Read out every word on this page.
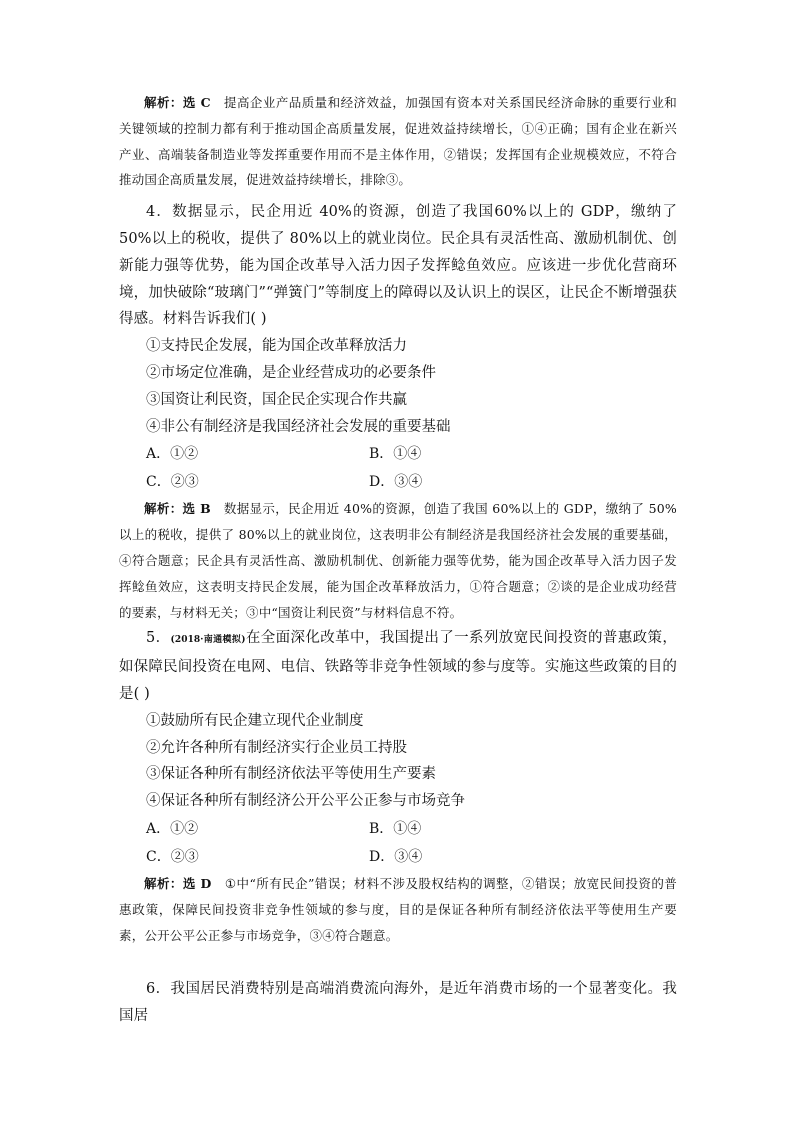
解析：选 C 提高企业产品质量和经济效益，加强国有资本对关系国民经济命脉的重要行业和关键领域的控制力都有利于推动国企高质量发展，促进效益持续增长，①④正确；国有企业在新兴产业、高端装备制造业等发挥重要作用而不是主体作用，②错误；发挥国有企业规模效应，不符合推动国企高质量发展，促进效益持续增长，排除③。

4．数据显示，民企用近 40%的资源，创造了我国60%以上的 GDP，缴纳了 50%以上的税收，提供了 80%以上的就业岗位。民企具有灵活性高、激励机制优、创新能力强等优势，能为国企改革导入活力因子发挥鲶鱼效应。应该进一步优化营商环境，加快破除“玻璃门”“弹簧门”等制度上的障碍以及认识上的误区，让民企不断增强获得感。材料告诉我们( )

①支持民企发展，能为国企改革释放活力
②市场定位准确，是企业经营成功的必要条件
③国资让利民资，国企民企实现合作共赢
④非公有制经济是我国经济社会发展的重要基础
A．①②	B．①④
C．②③	D．③④

解析：选 B 数据显示，民企用近 40%的资源，创造了我国 60%以上的 GDP，缴纳了 50%以上的税收，提供了 80%以上的就业岗位，这表明非公有制经济是我国经济社会发展的重要基础，④符合题意；民企具有灵活性高、激励机制优、创新能力强等优势，能为国企改革导入活力因子发挥鲶鱼效应，这表明支持民企发展，能为国企改革释放活力，①符合题意；②谈的是企业成功经营的要素，与材料无关；③中“国资让利民资”与材料信息不符。

5．(2018·南通模拟)在全面深化改革中，我国提出了一系列放宽民间投资的普惠政策，如保障民间投资在电网、电信、铁路等非竞争性领域的参与度等。实施这些政策的目的是( )

①鼓励所有民企建立现代企业制度
②允许各种所有制经济实行企业员工持股
③保证各种所有制经济依法平等使用生产要素
④保证各种所有制经济公开公平公正参与市场竞争
A．①②	B．①④
C．②③	D．③④

解析：选 D ①中“所有民企”错误；材料不涉及股权结构的调整，②错误；放宽民间投资的普惠政策，保障民间投资非竞争性领域的参与度，目的是保证各种所有制经济依法平等使用生产要素，公开公平公正参与市场竞争，③④符合题意。

6．我国居民消费特别是高端消费流向海外，是近年消费市场的一个显著变化。我国居
